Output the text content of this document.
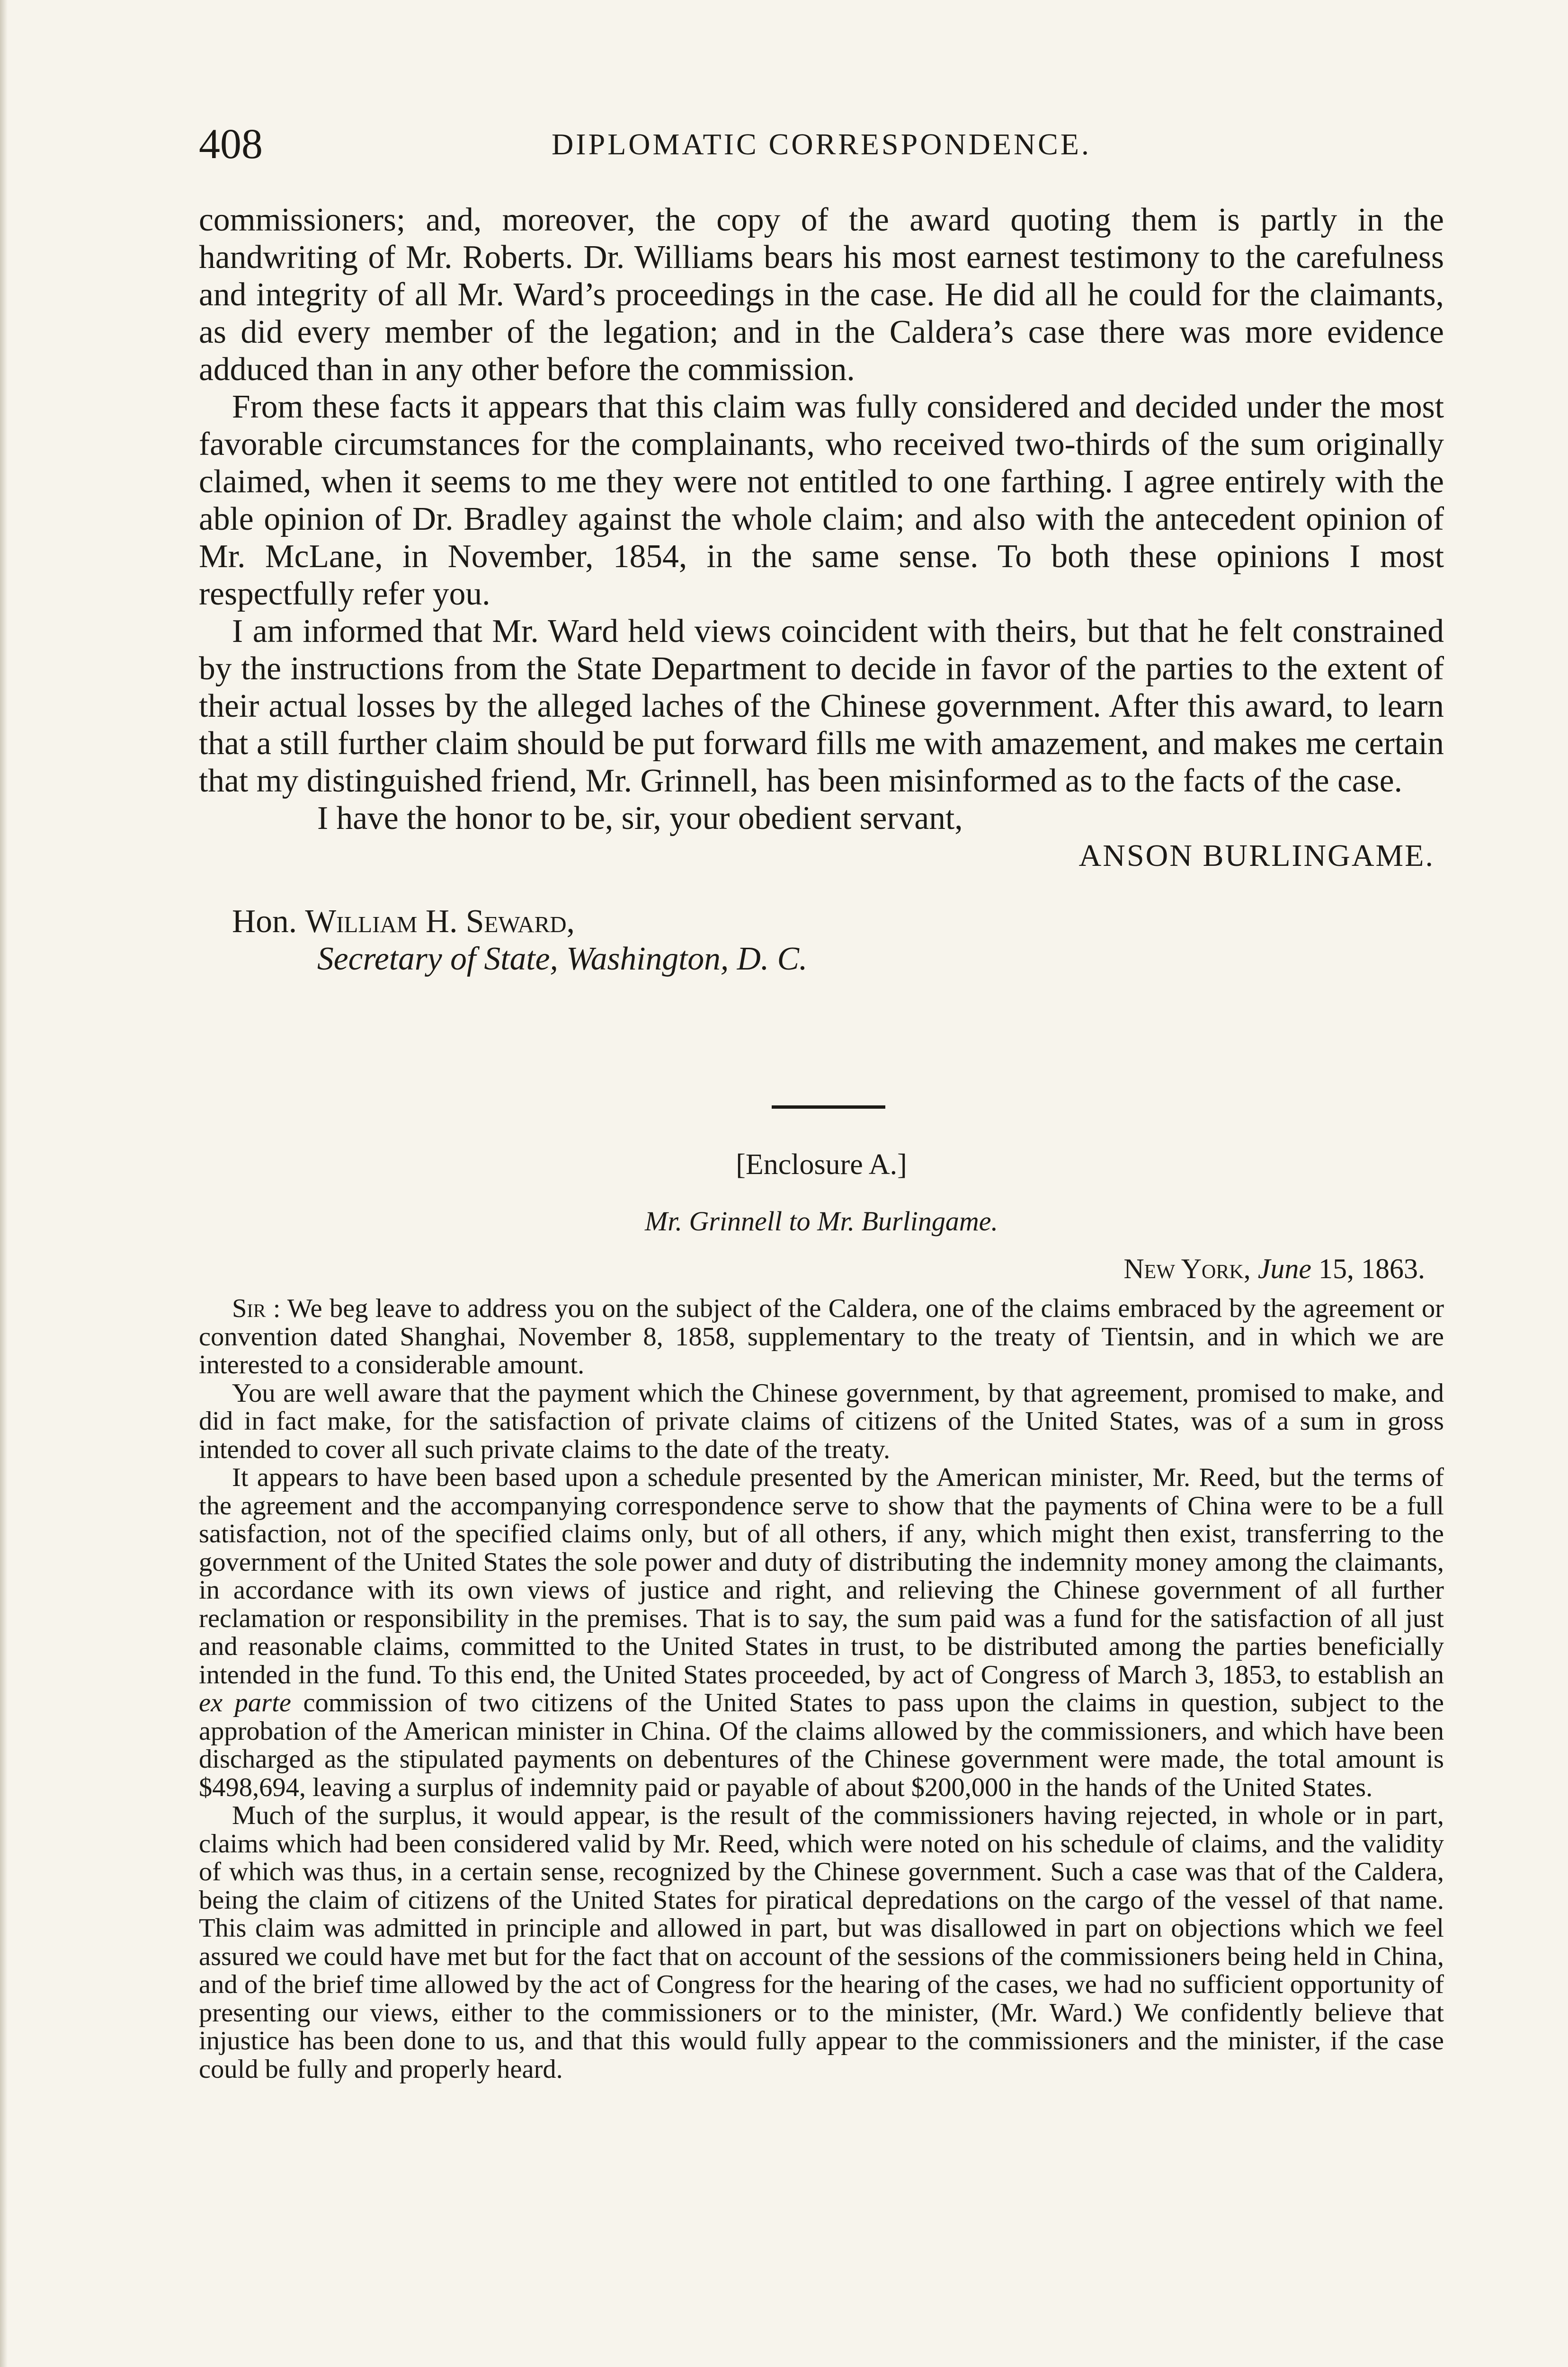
408	DIPLOMATIC CORRESPONDENCE.

commissioners; and, moreover, the copy of the award quoting them is partly in the handwriting of Mr. Roberts. Dr. Williams bears his most earnest testimony to the carefulness and integrity of all Mr. Ward’s proceedings in the case. He did all he could for the claimants, as did every member of the legation; and in the Caldera’s case there was more evidence adduced than in any other before the commission.

From these facts it appears that this claim was fully considered and decided under the most favorable circumstances for the complainants, who received two-thirds of the sum originally claimed, when it seems to me they were not entitled to one farthing. I agree entirely with the able opinion of Dr. Bradley against the whole claim; and also with the antecedent opinion of Mr. McLane, in November, 1854, in the same sense. To both these opinions I most respectfully refer you.

I am informed that Mr. Ward held views coincident with theirs, but that he felt constrained by the instructions from the State Department to decide in favor of the parties to the extent of their actual losses by the alleged laches of the Chinese government. After this award, to learn that a still further claim should be put forward fills me with amazement, and makes me certain that my distinguished friend, Mr. Grinnell, has been misinformed as to the facts of the case.

I have the honor to be, sir, your obedient servant,

ANSON BURLINGAME.

Hon. William H. Seward,

Secretary of State, Washington, D. C.

[Enclosure A.]
Mr. Grinnell to Mr. Burlingame.
New York, June 15, 1863.

Sir : We beg leave to address you on the subject of the Caldera, one of the claims embraced by the agreement or convention dated Shanghai, November 8, 1858, supplementary to the treaty of Tientsin, and in which we are interested to a considerable amount.

You are well aware that the payment which the Chinese government, by that agreement, promised to make, and did in fact make, for the satisfaction of private claims of citizens of the United States, was of a sum in gross intended to cover all such private claims to the date of the treaty.

It appears to have been based upon a schedule presented by the American minister, Mr. Reed, but the terms of the agreement and the accompanying correspondence serve to show that the payments of China were to be a full satisfaction, not of the specified claims only, but of all others, if any, which might then exist, transferring to the government of the United States the sole power and duty of distributing the indemnity money among the claimants, in accordance with its own views of justice and right, and relieving the Chinese government of all further reclamation or responsibility in the premises. That is to say, the sum paid was a fund for the satisfaction of all just and reasonable claims, committed to the United States in trust, to be distributed among the parties beneficially intended in the fund. To this end, the United States proceeded, by act of Congress of March 3, 1853, to establish an ex parte commission of two citizens of the United States to pass upon the claims in question, subject to the approbation of the American minister in China. Of the claims allowed by the commissioners, and which have been discharged as the stipulated payments on debentures of the Chinese government were made, the total amount is $498,694, leaving a surplus of indemnity paid or payable of about $200,000 in the hands of the United States.

Much of the surplus, it would appear, is the result of the commissioners having rejected, in whole or in part, claims which had been considered valid by Mr. Reed, which were noted on his schedule of claims, and the validity of which was thus, in a certain sense, recognized by the Chinese government. Such a case was that of the Caldera, being the claim of citizens of the United States for piratical depredations on the cargo of the vessel of that name. This claim was admitted in principle and allowed in part, but was disallowed in part on objections which we feel assured we could have met but for the fact that on account of the sessions of the commissioners being held in China, and of the brief time allowed by the act of Congress for the hearing of the cases, we had no sufficient opportunity of presenting our views, either to the commissioners or to the minister, (Mr. Ward.) We confidently believe that injustice has been done to us, and that this would fully appear to the commissioners and the minister, if the case could be fully and properly heard.
